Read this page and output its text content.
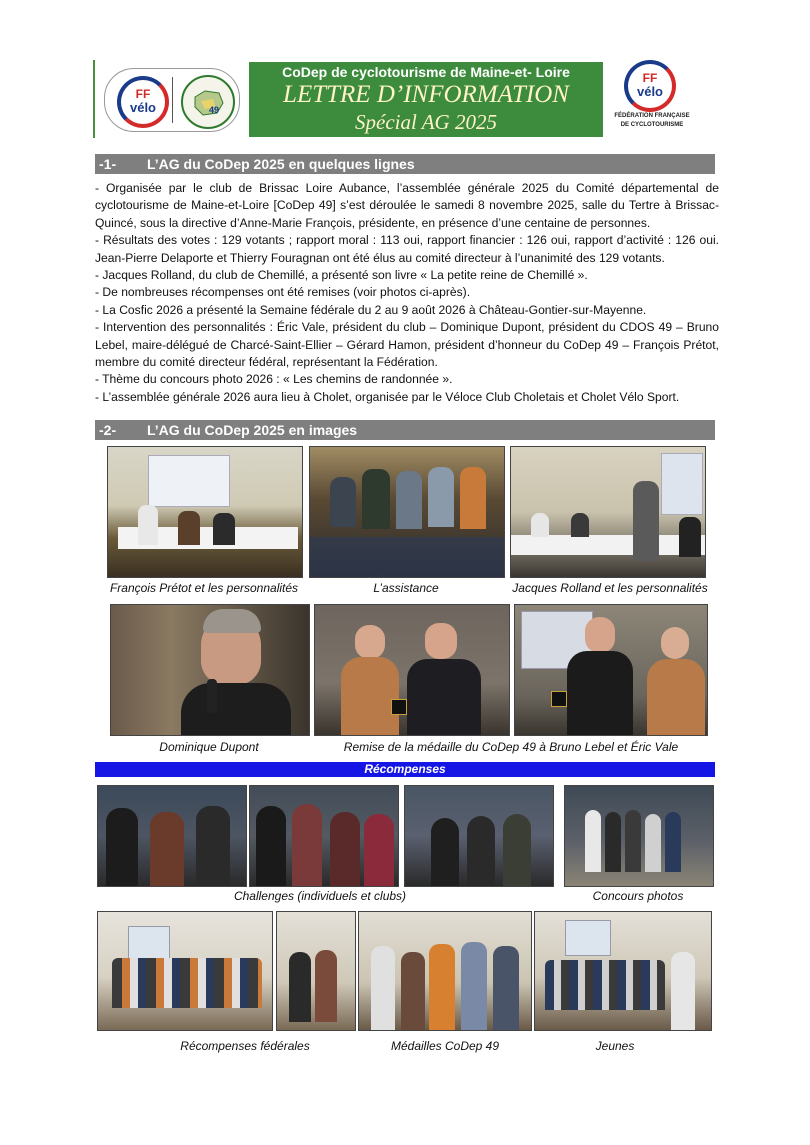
FF
vélo	49
CoDep de cyclotourisme de Maine-et- Loire
LETTRE D’INFORMATION
Spécial AG 2025
FF
vélo
FÉDÉRATION FRANÇAISE
DE CYCLOTOURISME
-1- L’AG du CoDep 2025 en quelques lignes

- Organisée par le club de Brissac Loire Aubance, l’assemblée générale 2025 du Comité départemental de cyclotourisme de Maine-et-Loire [CoDep 49] s’est déroulée le samedi 8 novembre 2025, salle du Tertre à Brissac-Quincé, sous la directive d’Anne-Marie François, présidente, en présence d’une centaine de personnes.

- Résultats des votes : 129 votants ; rapport moral : 113 oui, rapport financier : 126 oui, rapport d’activité : 126 oui. Jean-Pierre Delaporte et Thierry Fouragnan ont été élus au comité directeur à l’unanimité des 129 votants.

- Jacques Rolland, du club de Chemillé, a présenté son livre « La petite reine de Chemillé ».

- De nombreuses récompenses ont été remises (voir photos ci-après).

- La Cosfic 2026 a présenté la Semaine fédérale du 2 au 9 août 2026 à Château-Gontier-sur-Mayenne.

- Intervention des personnalités : Éric Vale, président du club – Dominique Dupont, président du CDOS 49 – Bruno Lebel, maire-délégué de Charcé-Saint-Ellier – Gérard Hamon, président d’honneur du CoDep 49 – François Prétot, membre du comité directeur fédéral, représentant la Fédération.

- Thème du concours photo 2026 : « Les chemins de randonnée ».

- L’assemblée générale 2026 aura lieu à Cholet, organisée par le Véloce Club Choletais et Cholet Vélo Sport.

-2- L’AG du CoDep 2025 en images
François Prétot et les personnalités	L’assistance	Jacques Rolland et les personnalités
Dominique Dupont	Remise de la médaille du CoDep 49 à Bruno Lebel et Éric Vale
Récompenses
Challenges (individuels et clubs)	Concours photos
Récompenses fédérales	Médailles CoDep 49	Jeunes
